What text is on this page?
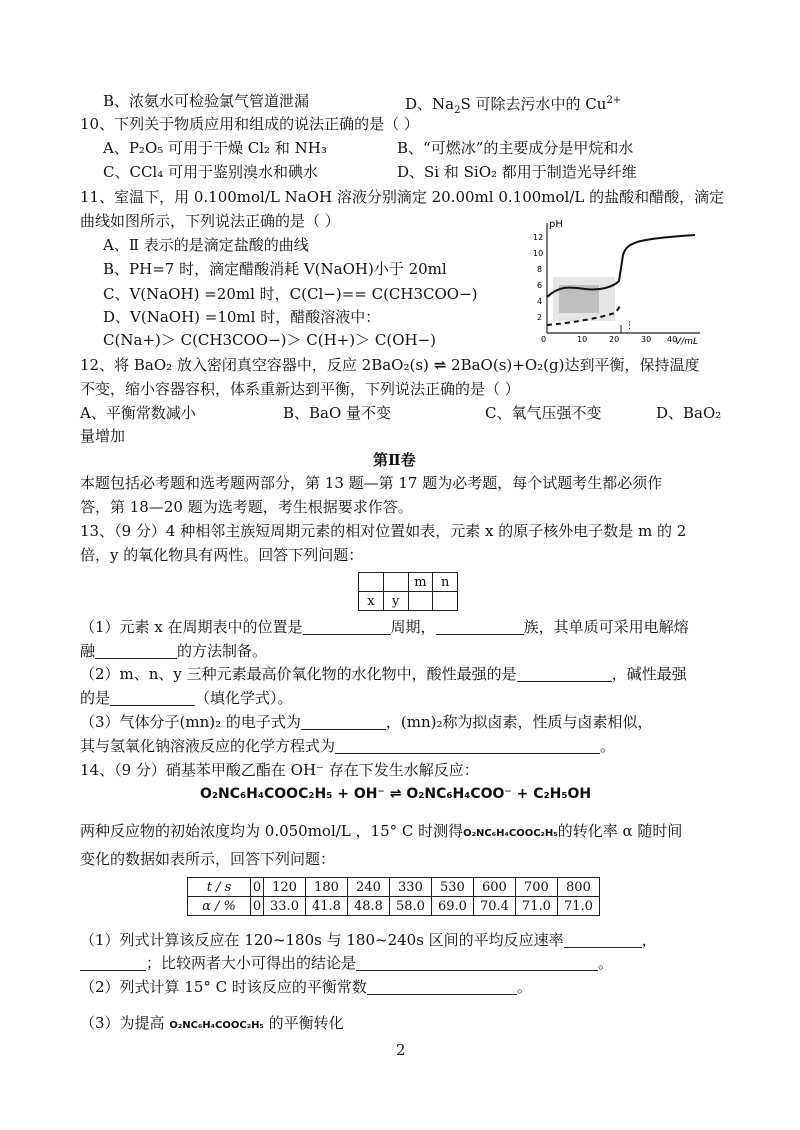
B、浓氨水可检验氯气管道泄漏	D、$Na_2S$ 可除去污水中的 $Cu^{2+}$
10、下列关于物质应用和组成的说法正确的是（ ）
A、P₂O₅ 可用于干燥 Cl₂ 和 NH₃	B、“可燃冰”的主要成分是甲烷和水
C、CCl₄ 可用于鉴别溴水和碘水	D、Si 和 SiO₂ 都用于制造光导纤维
11、室温下，用 0.100mol/L NaOH 溶液分别滴定 20.00ml 0.100mol/L 的盐酸和醋酸，滴定
曲线如图所示，下列说法正确的是（ ）
A、Ⅱ 表示的是滴定盐酸的曲线
B、PH=7 时，滴定醋酸消耗 V(NaOH)小于 20ml
C、V(NaOH) =20ml 时，C(Cl−)== C(CH3COO−)
D、V(NaOH) =10ml 时，醋酸溶液中：
C(Na+)＞ C(CH3COO−)＞ C(H+)＞ C(OH−)
pH
V/mL
12
10
8
6
4
2
0	10	20	30 40
⋮
12、将 BaO₂ 放入密闭真空容器中，反应 2BaO₂(s) ⇌ 2BaO(s)+O₂(g)达到平衡，保持温度
不变，缩小容器容积，体系重新达到平衡，下列说法正确的是（ ）
A、平衡常数减小	B、BaO 量不变	C、氧气压强不变	D、BaO₂
量增加
第Ⅱ卷
本题包括必考题和选考题两部分，第 13 题—第 17 题为必考题，每个试题考生都必须作
答，第 18—20 题为选考题，考生根据要求作答。
13、（9 分）4 种相邻主族短周期元素的相对位置如表，元素 x 的原子核外电子数是 m 的 2
倍，y 的氧化物具有两性。回答下列问题：
		m	n
x	y		
（1）元素 x 在周期表中的位置是	周期，	族，其单质可采用电解熔
融	的方法制备。
（2）m、n、y 三种元素最高价氧化物的水化物中，酸性最强的是	，碱性最强
的是	（填化学式）。
（3）气体分子(mn)₂ 的电子式为	，(mn)₂称为拟卤素，性质与卤素相似，
其与氢氧化钠溶液反应的化学方程式为	。
14、（9 分）硝基苯甲酸乙酯在 OH⁻ 存在下发生水解反应：
O₂NC₆H₄COOC₂H₅ + OH⁻ ⇌ O₂NC₆H₄COO⁻ + C₂H₅OH
两种反应物的初始浓度均为 0.050mol/L ，15° C 时测得O₂NC₆H₄COOC₂H₅的转化率 α 随时间
变化的数据如表所示，回答下列问题：
t / s	0	120	180	240	330	530	600	700	800
α / %	0	33.0	41.8	48.8	58.0	69.0	70.4	71.0	71.0
（1）列式计算该反应在 120~180s 与 180~240s 区间的平均反应速率	，
；比较两者大小可得出的结论是	。
（2）列式计算 15° C 时该反应的平衡常数	。
（3）为提高 O₂NC₆H₄COOC₂H₅ 的平衡转化
2
